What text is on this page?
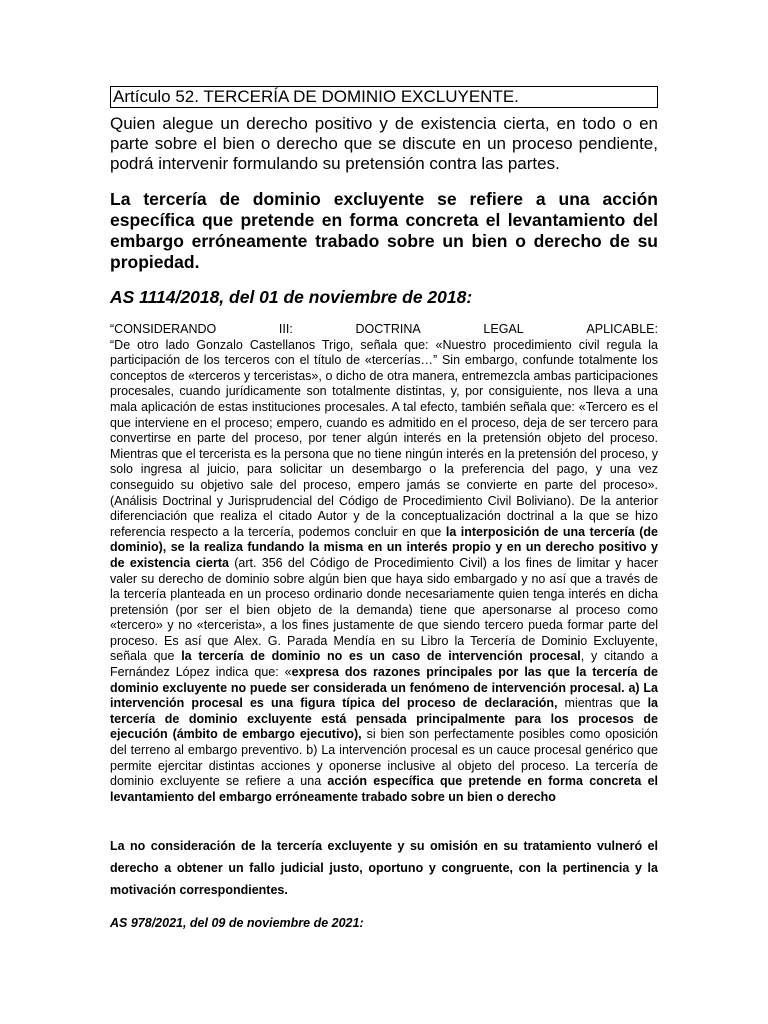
Artículo 52. TERCERÍA DE DOMINIO EXCLUYENTE.

Quien alegue un derecho positivo y de existencia cierta, en todo o en parte sobre el bien o derecho que se discute en un proceso pendiente, podrá intervenir formulando su pretensión contra las partes.

La tercería de dominio excluyente se refiere a una acción específica que pretende en forma concreta el levantamiento del embargo erróneamente trabado sobre un bien o derecho de su propiedad.

AS 1114/2018, del 01 de noviembre de 2018:
“CONSIDERANDO	III:	DOCTRINA	LEGAL	APLICABLE:
“De otro lado Gonzalo Castellanos Trigo, señala que: «Nuestro procedimiento civil regula la participación de los terceros con el título de «tercerías…” Sin embargo, confunde totalmente los conceptos de «terceros y terceristas», o dicho de otra manera, entremezcla ambas participaciones procesales, cuando jurídicamente son totalmente distintas, y, por consiguiente, nos lleva a una mala aplicación de estas instituciones procesales. A tal efecto, también señala que: «Tercero es el que interviene en el proceso; empero, cuando es admitido en el proceso, deja de ser tercero para convertirse en parte del proceso, por tener algún interés en la pretensión objeto del proceso. Mientras que el tercerista es la persona que no tiene ningún interés en la pretensión del proceso, y solo ingresa al juicio, para solicitar un desembargo o la preferencia del pago, y una vez conseguido su objetivo sale del proceso, empero jamás se convierte en parte del proceso». (Análisis Doctrinal y Jurisprudencial del Código de Procedimiento Civil Boliviano). De la anterior diferenciación que realiza el citado Autor y de la conceptualización doctrinal a la que se hizo referencia respecto a la tercería, podemos concluir en que la interposición de una tercería (de dominio), se la realiza fundando la misma en un interés propio y en un derecho positivo y de existencia cierta (art. 356 del Código de Procedimiento Civil) a los fines de limitar y hacer valer su derecho de dominio sobre algún bien que haya sido embargado y no así que a través de la tercería planteada en un proceso ordinario donde necesariamente quien tenga interés en dicha pretensión (por ser el bien objeto de la demanda) tiene que apersonarse al proceso como «tercero» y no «tercerista», a los fines justamente de que siendo tercero pueda formar parte del proceso. Es así que Alex. G. Parada Mendía en su Libro la Tercería de Dominio Excluyente, señala que la tercería de dominio no es un caso de intervención procesal, y citando a Fernández López indica que: «expresa dos razones principales por las que la tercería de dominio excluyente no puede ser considerada un fenómeno de intervención procesal. a) La intervención procesal es una figura típica del proceso de declaración, mientras que la tercería de dominio excluyente está pensada principalmente para los procesos de ejecución (ámbito de embargo ejecutivo), si bien son perfectamente posibles como oposición del terreno al embargo preventivo. b) La intervención procesal es un cauce procesal genérico que permite ejercitar distintas acciones y oponerse inclusive al objeto del proceso. La tercería de dominio excluyente se refiere a una acción específica que pretende en forma concreta el levantamiento del embargo erróneamente trabado sobre un bien o derecho

La no consideración de la tercería excluyente y su omisión en su tratamiento vulneró el derecho a obtener un fallo judicial justo, oportuno y congruente, con la pertinencia y la motivación correspondientes.

AS 978/2021, del 09 de noviembre de 2021:
